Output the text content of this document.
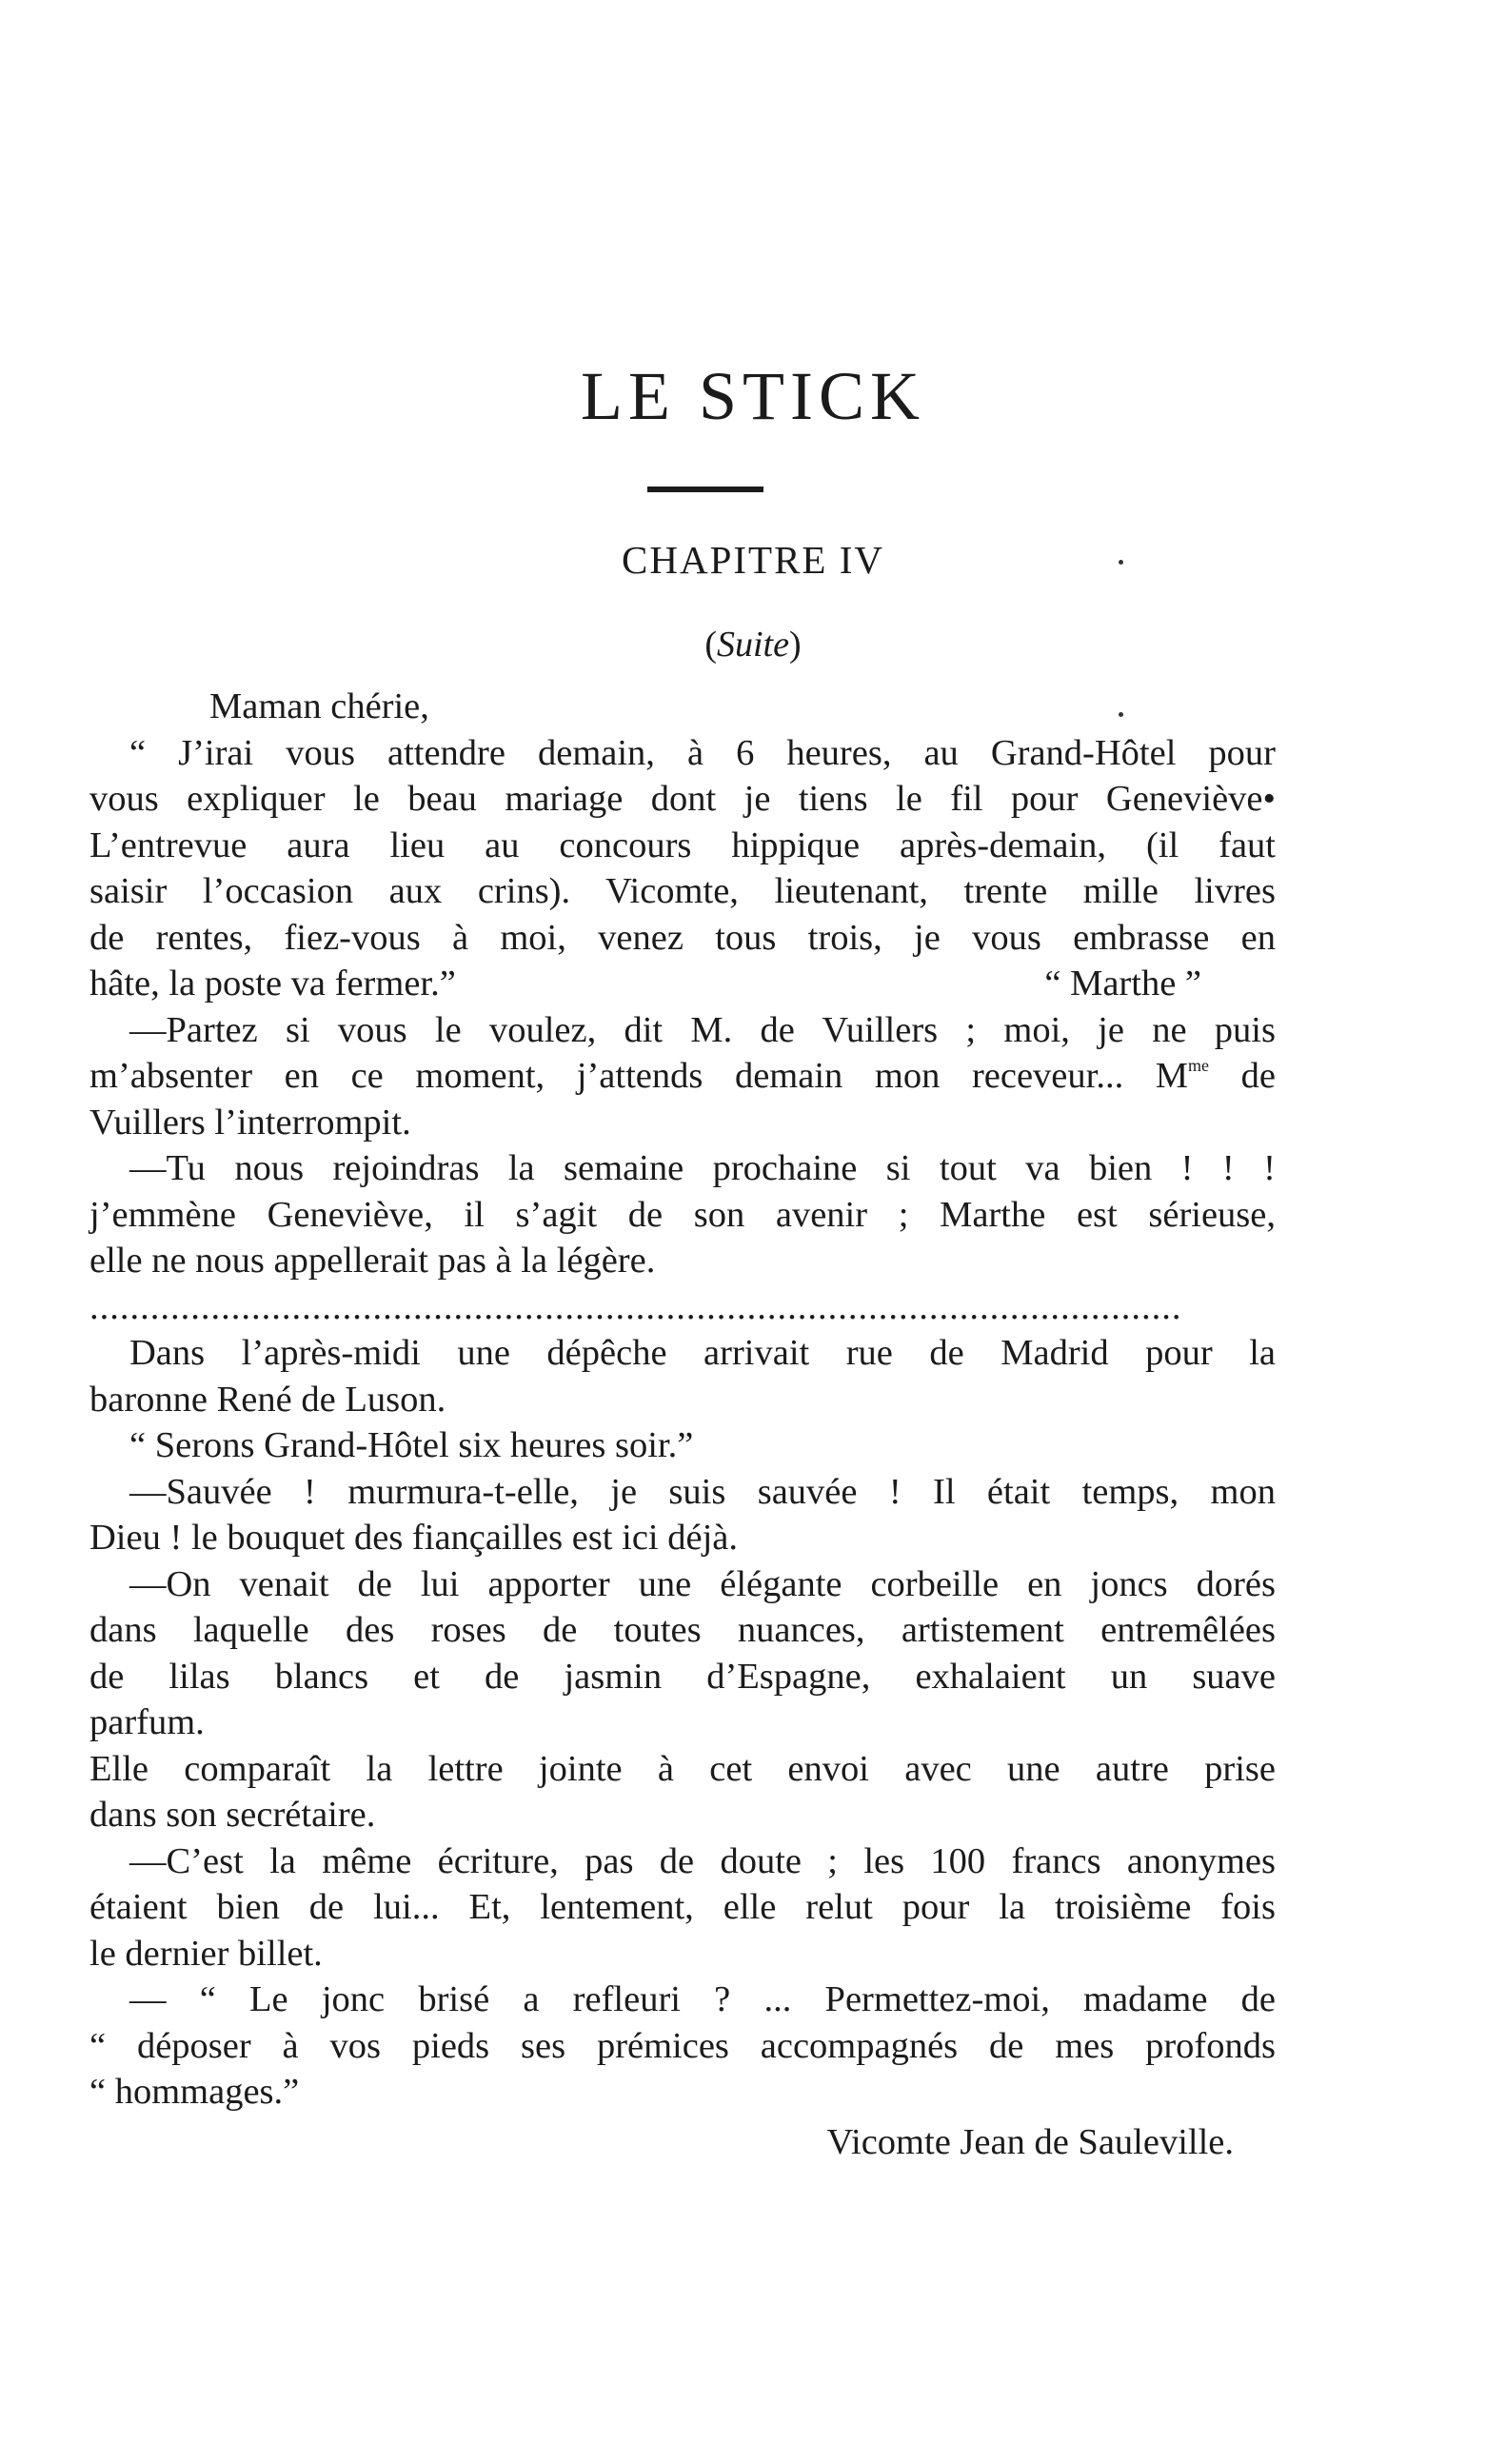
LE STICK
CHAPITRE IV
(Suite)
Maman chérie,
“ J’irai vous attendre demain, à 6 heures, au Grand-Hôtel pour
vous expliquer le beau mariage dont je tiens le fil pour Geneviève•
L’entrevue aura lieu au concours hippique après-demain, (il faut
saisir l’occasion aux crins). Vicomte, lieutenant, trente mille livres
de rentes, fiez-vous à moi, venez tous trois, je vous embrasse en
hâte, la poste va fermer.”	“ Marthe ”
—Partez si vous le voulez, dit M. de Vuillers ; moi, je ne puis
m’absenter en ce moment, j’attends demain mon receveur... $M^{me}$ de
Vuillers l’interrompit.
—Tu nous rejoindras la semaine prochaine si tout va bien ! ! !
j’emmène Geneviève, il s’agit de son avenir ; Marthe est sérieuse,
elle ne nous appellerait pas à la légère.
............................................................................................................
Dans l’après-midi une dépêche arrivait rue de Madrid pour la
baronne René de Luson.
“ Serons Grand-Hôtel six heures soir.”
—Sauvée ! murmura-t-elle, je suis sauvée ! Il était temps, mon
Dieu ! le bouquet des fiançailles est ici déjà.
—On venait de lui apporter une élégante corbeille en joncs dorés
dans laquelle des roses de toutes nuances, artistement entremêlées
de lilas blancs et de jasmin d’Espagne, exhalaient un suave
parfum.
Elle comparaît la lettre jointe à cet envoi avec une autre prise
dans son secrétaire.
—C’est la même écriture, pas de doute ; les 100 francs anonymes
étaient bien de lui... Et, lentement, elle relut pour la troisième fois
le dernier billet.
— “ Le jonc brisé a refleuri ? ... Permettez-moi, madame de
“ déposer à vos pieds ses prémices accompagnés de mes profonds
“ hommages.”
Vicomte Jean de Sauleville.
